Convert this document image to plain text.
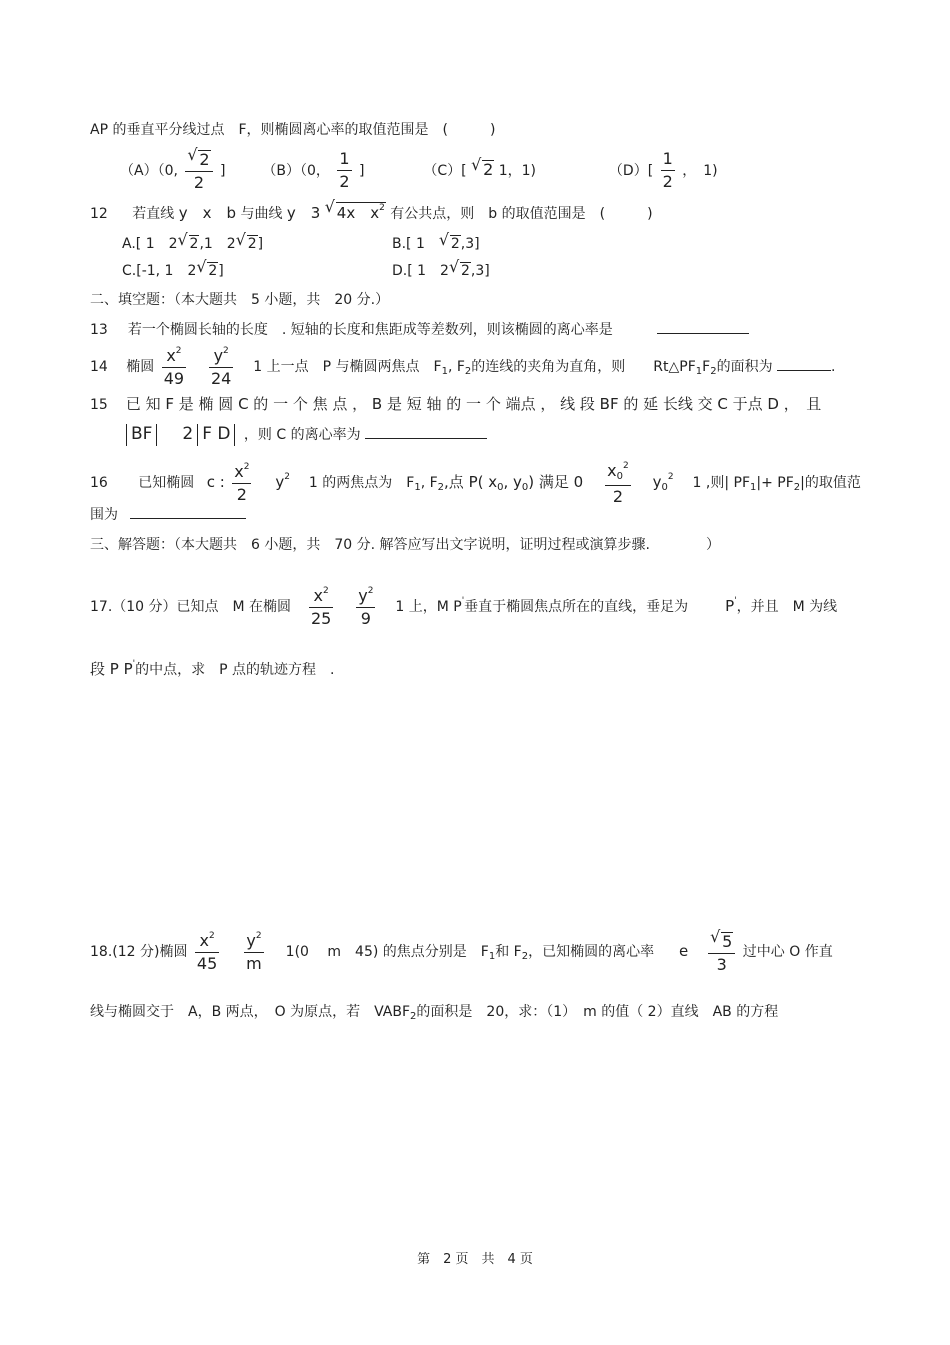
AP 的垂直平分线过点　F，则椭圆离心率的取值范围是　(　　　)
（A）（0, √ $\frac{2}{2}$ ]	（B）（0， $\frac{1}{2}$ ]	（C）[ √ 2 1，1)	$(D)[ \frac{1}{2}$ ，　1)
12 若直线 y　x　b 与曲线 y　3 √ 4x　$x^2$ 有公共点，则　b 的取值范围是　(　　　)
A.[ 1　2 √ 2,1　2 √ 2]	B.[ 1　√ 2,3]
C.[-1, 1　2 √ 2]	D.[ 1　2 √ 2,3]
二、填空题：（本大题共　5 小题，共　20 分.）
13 若一个椭圆长轴的长度　. 短轴的长度和焦距成等差数列，则该椭圆的离心率是
14 椭圆 $\frac{x^2}{49}$
$\frac{y^2}{24} 1$ 上一点　P 与椭圆两焦点　$F_1$, $F_2$的连线的夹角为直角，则　　$Rt\triangle PF_1F_2$的面积为	.
15 已 知 F 是 椭 圆 C 的 一 个 焦 点 ， B 是 短 轴 的 一 个 端点 ， 线 段 BF 的 延 长线 交 C 于点 D ，　且
BF 2 F D ，则 C 的离心率为
16 已知椭圆 c : $\frac{x^2}{2} y^2$ 1 的两焦点为　$F_1$, $F_2$,点 P( $x_0$, $y_0$) 满足 $0 \frac{x_0^2}{2} y_0^2$ 1 ,则| $PF_1|+ PF_2|$的取值范
围为
三、解答题：（本大题共　6 小题，共　70 分. 解答应写出文字说明，证明过程或演算步骤.　　　　）
17.（10 分）已知点　M 在椭圆 $\frac{x^2}{25}$
$\frac{y^2}{9} 1$ 上，M P'垂直于椭圆焦点所在的直线，垂足为 P'，并且　M 为线
段 P P'的中点，求　P 点的轨迹方程　.
18.(12 分)椭圆 $\frac{x^2}{45}$
$\frac{y^2}{m} 1(0$　 m　45) 的焦点分别是　$F_1$和 $F_2$，已知椭圆的离心率 e √ $\frac{5}{3}$ 过中心 O 作直
线与椭圆交于　A，B 两点，　O 为原点，若　$VABF_2$的面积是　20，求：（1）　m 的值（ 2）直线　AB 的方程
第　2 页　共　4 页
